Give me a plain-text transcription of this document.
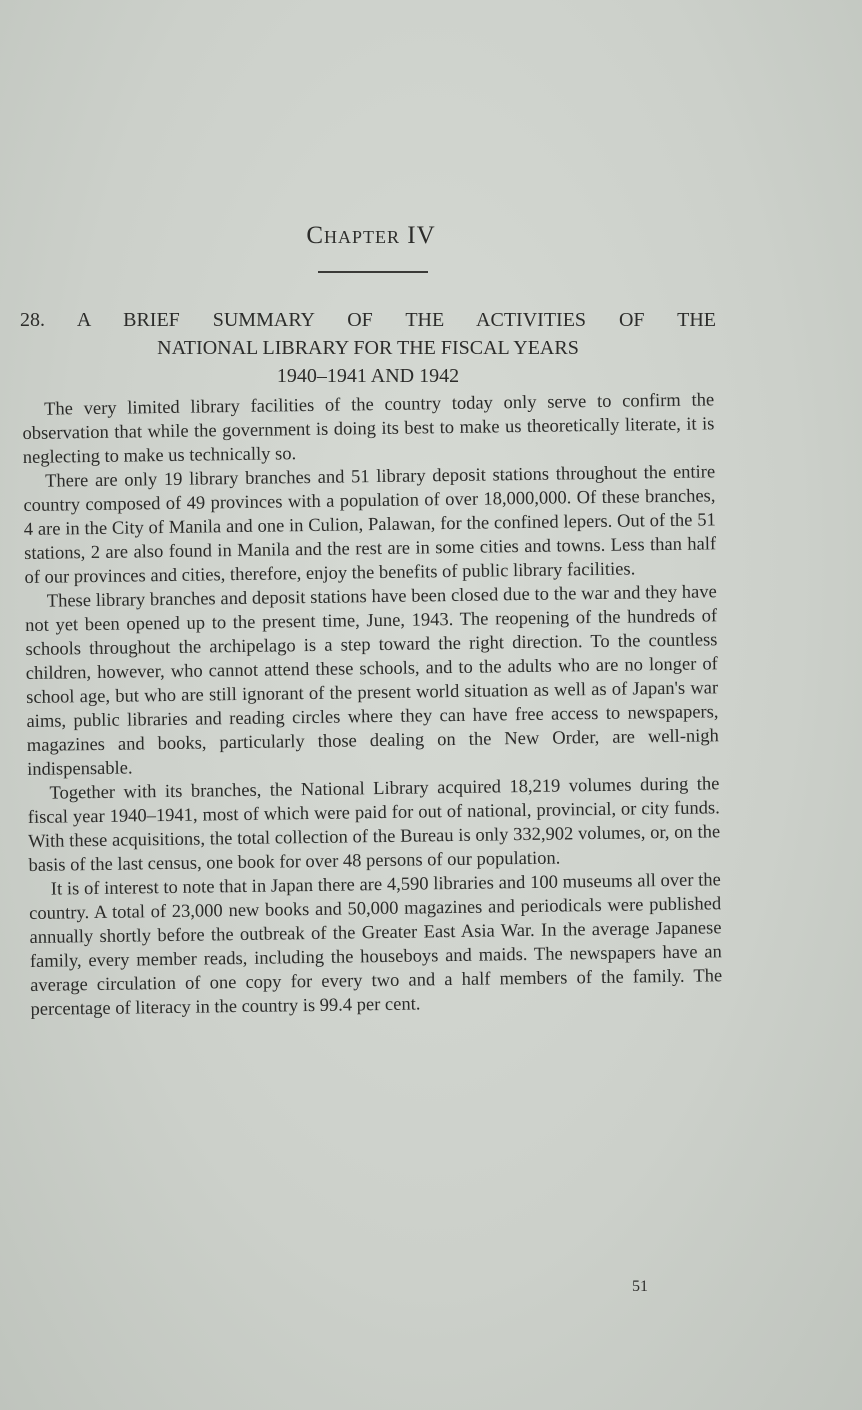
Chapter IV
28. A BRIEF SUMMARY OF THE ACTIVITIES OF THE
NATIONAL LIBRARY FOR THE FISCAL YEARS
1940–1941 AND 1942

The very limited library facilities of the country today only serve to confirm the observation that while the government is doing its best to make us theoretically literate, it is neglecting to make us technically so.

There are only 19 library branches and 51 library deposit stations throughout the entire country composed of 49 provinces with a population of over 18,000,000. Of these branches, 4 are in the City of Manila and one in Culion, Palawan, for the confined lepers. Out of the 51 stations, 2 are also found in Manila and the rest are in some cities and towns. Less than half of our provinces and cities, therefore, enjoy the benefits of public library facilities.

These library branches and deposit stations have been closed due to the war and they have not yet been opened up to the present time, June, 1943. The reopening of the hundreds of schools throughout the archipelago is a step toward the right direction. To the countless children, however, who cannot attend these schools, and to the adults who are no longer of school age, but who are still ignorant of the present world situation as well as of Japan's war aims, public libraries and reading circles where they can have free access to newspapers, magazines and books, particularly those dealing on the New Order, are well-nigh indispensable.

Together with its branches, the National Library acquired 18,219 volumes during the fiscal year 1940–1941, most of which were paid for out of national, provincial, or city funds. With these acquisitions, the total collection of the Bureau is only 332,902 volumes, or, on the basis of the last census, one book for over 48 persons of our population.

It is of interest to note that in Japan there are 4,590 libraries and 100 museums all over the country. A total of 23,000 new books and 50,000 magazines and periodicals were published annually shortly before the outbreak of the Greater East Asia War. In the average Japanese family, every member reads, including the houseboys and maids. The newspapers have an average circulation of one copy for every two and a half members of the family. The percentage of literacy in the country is 99.4 per cent.

51
